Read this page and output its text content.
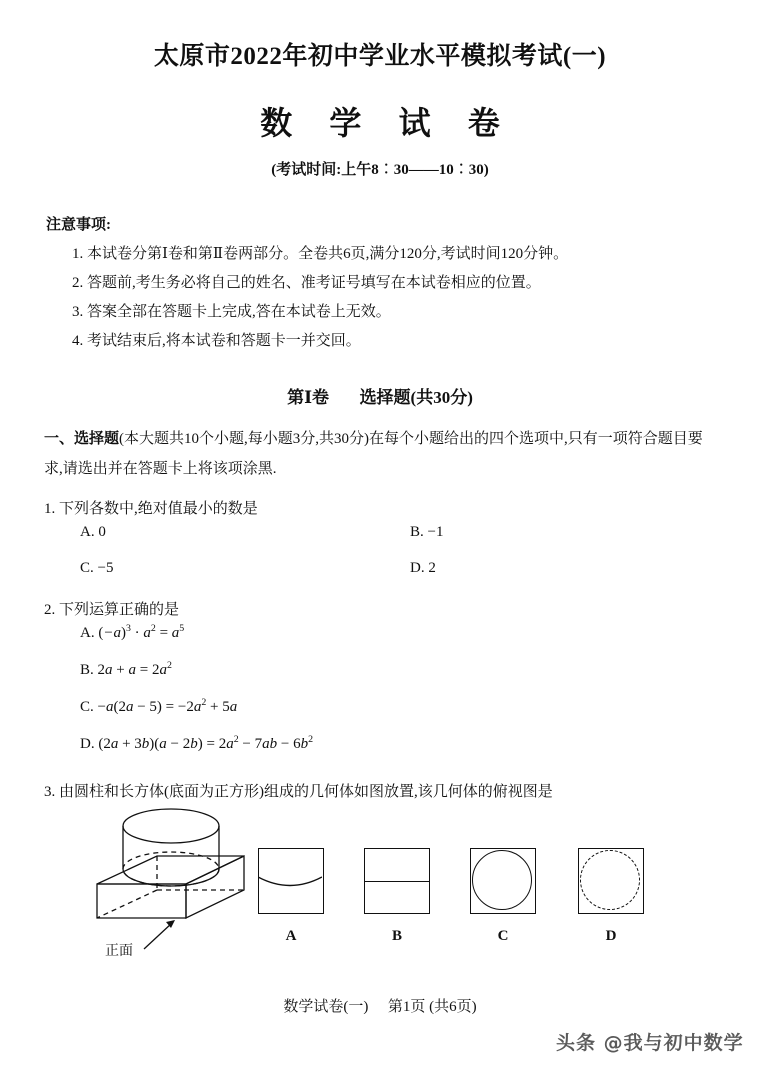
太原市2022年初中学业水平模拟考试(一)
数 学 试 卷
(考试时间:上午8︰30——10︰30)
注意事项:
1. 本试卷分第Ⅰ卷和第Ⅱ卷两部分。全卷共6页,满分120分,考试时间120分钟。
2. 答题前,考生务必将自己的姓名、准考证号填写在本试卷相应的位置。
3. 答案全部在答题卡上完成,答在本试卷上无效。
4. 考试结束后,将本试卷和答题卡一并交回。
第Ⅰ卷 选择题(共30分)
一、选择题(本大题共10个小题,每小题3分,共30分)在每个小题给出的四个选项中,只有一项符合题目要求,请选出并在答题卡上将该项涂黑.
1. 下列各数中,绝对值最小的数是
A. 0	B. −1
C. −5	D. 2
2. 下列运算正确的是
A. $(-a)^3 \cdot a^2 = a^5$
B. $2a + a = 2a^2$
C. $-a(2a - 5) = -2a^2 + 5a$
D. $(2a + 3b)(a - 2b) = 2a^2 - 7ab - 6b^2$
3. 由圆柱和长方体(底面为正方形)组成的几何体如图放置,该几何体的俯视图是
正面
A	B	C	D
数学试卷(一) 第1页 (共6页)
头条 @我与初中数学
